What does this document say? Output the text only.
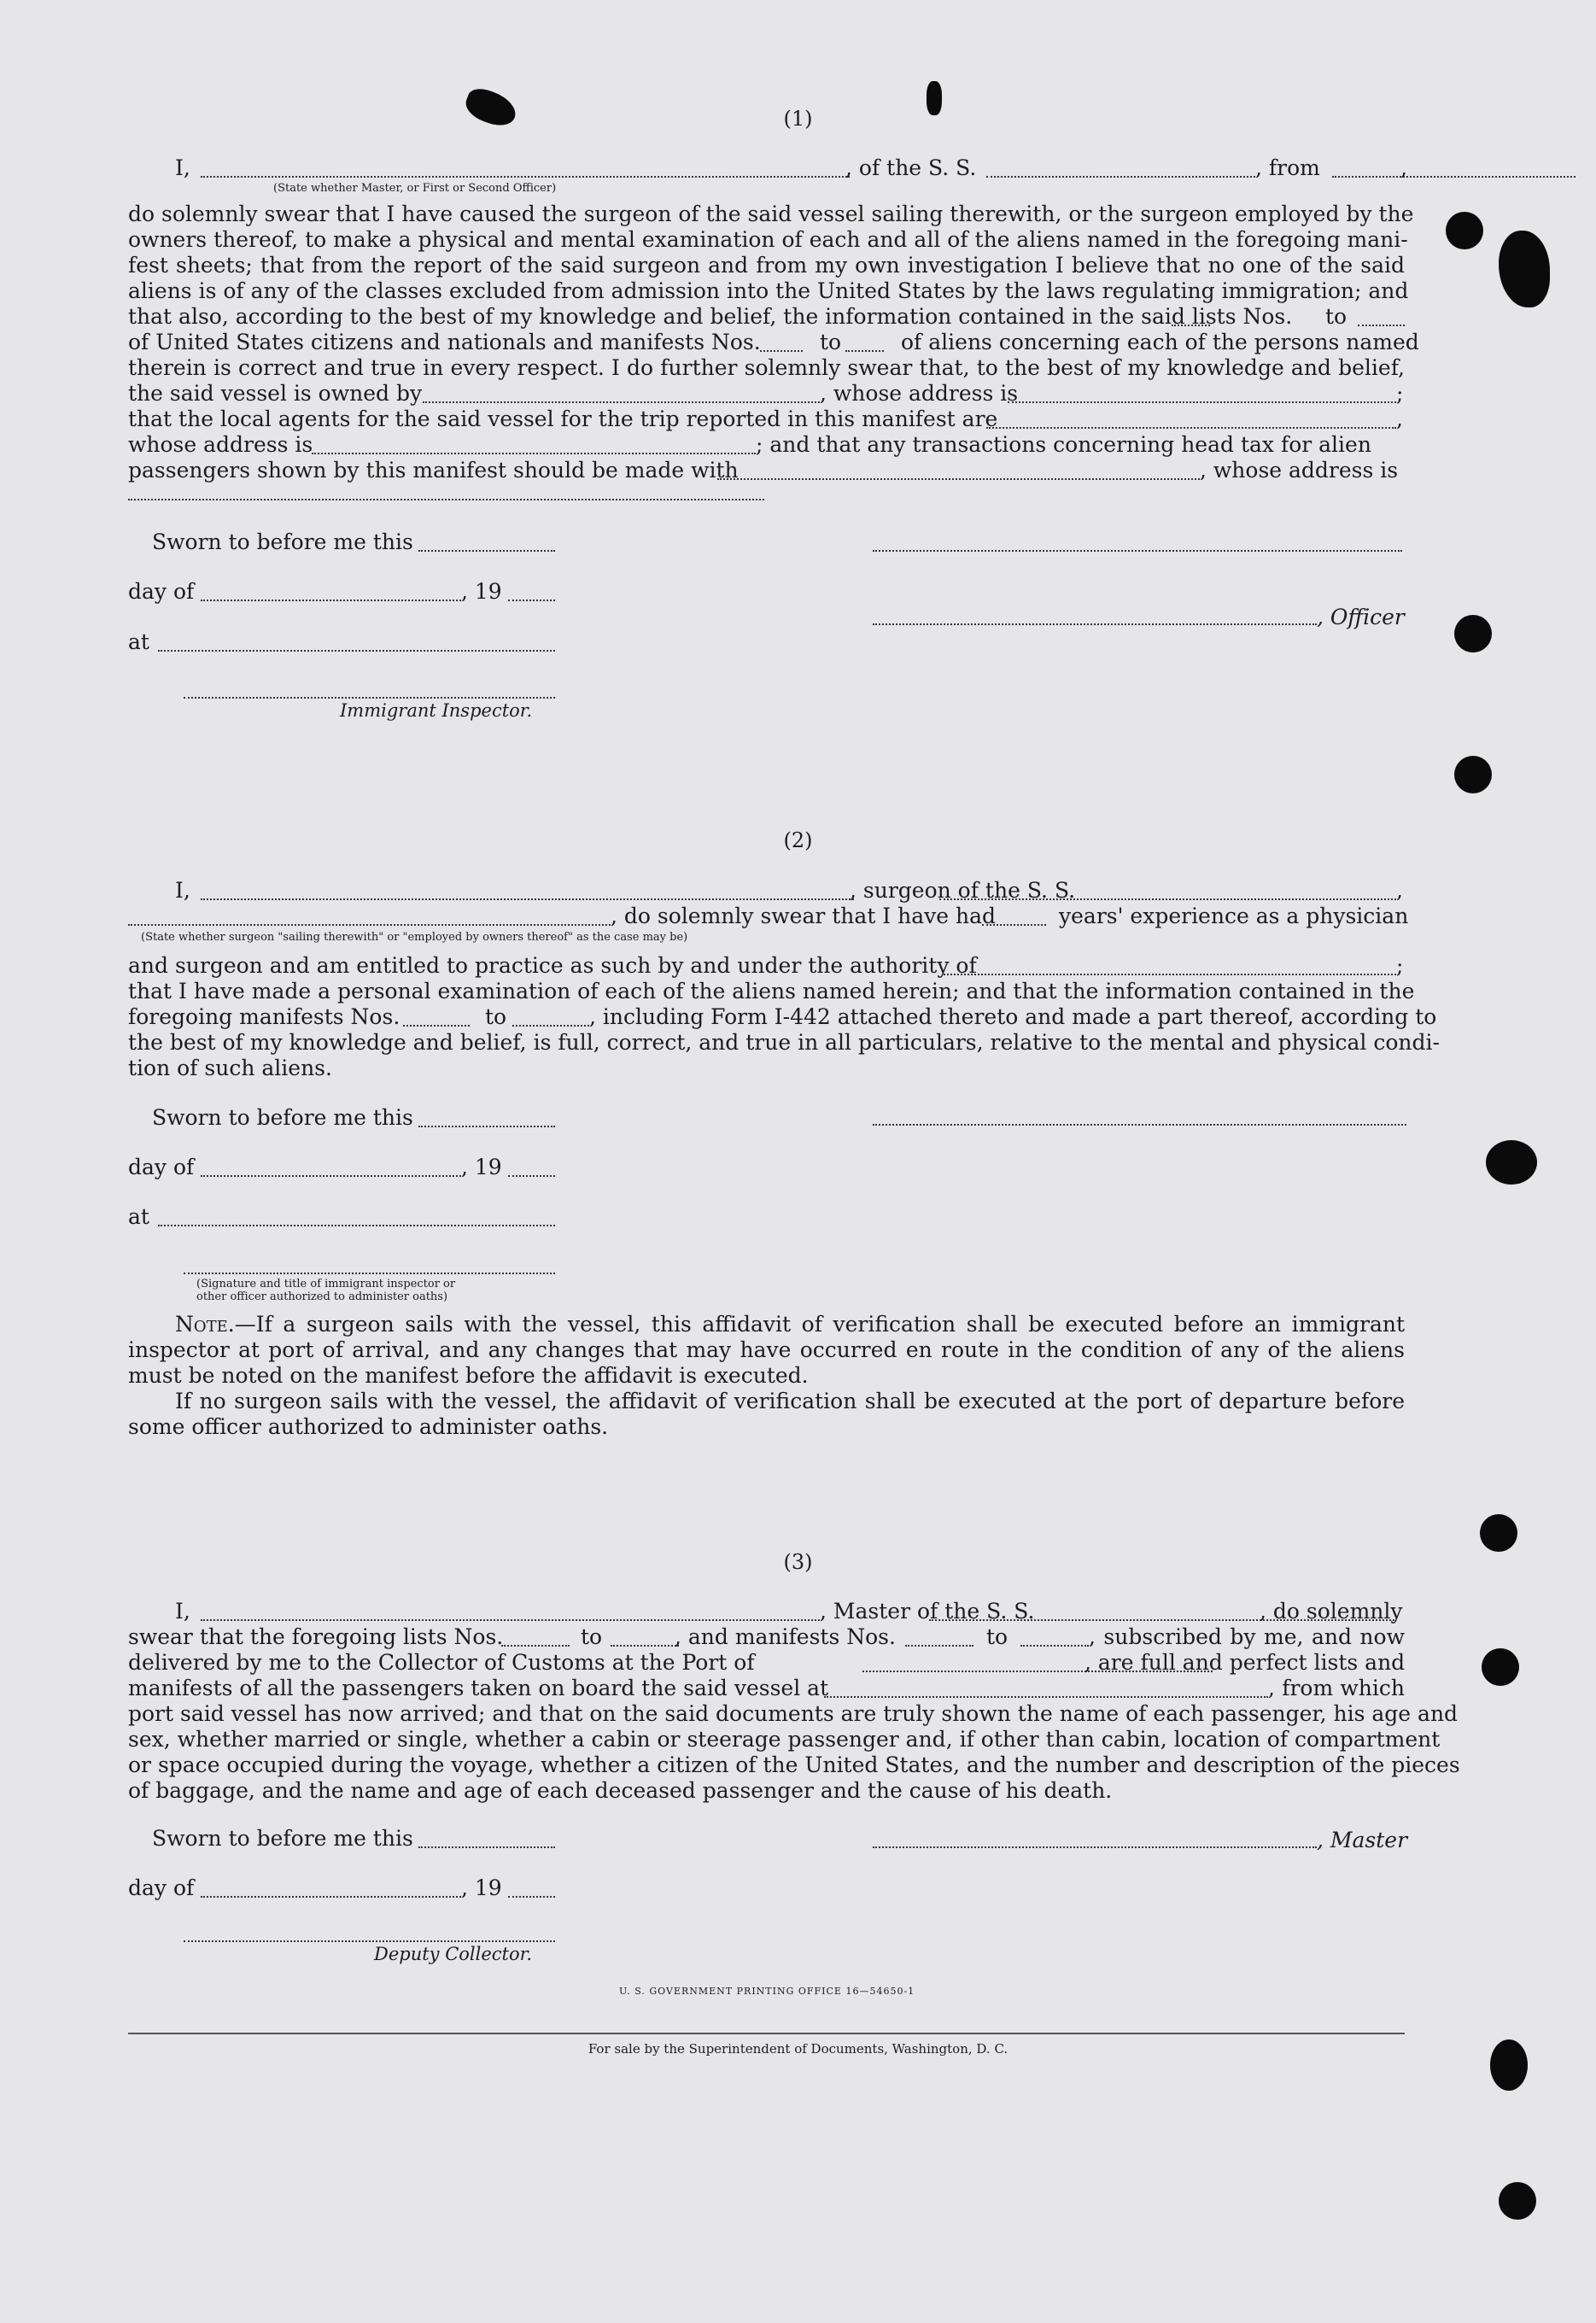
(1)
I,	, of the S. S.	, from	,
(State whether Master, or First or Second Officer)
do solemnly swear that I have caused the surgeon of the said vessel sailing therewith, or the surgeon employed by the
owners thereof, to make a physical and mental examination of each and all of the aliens named in the foregoing mani-
fest sheets; that from the report of the said surgeon and from my own investigation I believe that no one of the said
aliens is of any of the classes excluded from admission into the United States by the laws regulating immigration; and
that also, according to the best of my knowledge and belief, the information contained in the said lists Nos. to
of United States citizens and nationals and manifests Nos.	to	of aliens concerning each of the persons named
therein is correct and true in every respect. I do further solemnly swear that, to the best of my knowledge and belief,
the said vessel is owned by	, whose address is	;
that the local agents for the said vessel for the trip reported in this manifest are	,
whose address is	; and that any transactions concerning head tax for alien
passengers shown by this manifest should be made with	, whose address is
Sworn to before me this
day of	, 19
, Officer
at
Immigrant Inspector.
(2)
I,	, surgeon of the S. S.	,
, do solemnly swear that I have had	years' experience as a physician
(State whether surgeon "sailing therewith" or "employed by owners thereof" as the case may be)
and surgeon and am entitled to practice as such by and under the authority of	;
that I have made a personal examination of each of the aliens named herein; and that the information contained in the
foregoing manifests Nos.	to	, including Form I-442 attached thereto and made a part thereof, according to
the best of my knowledge and belief, is full, correct, and true in all particulars, relative to the mental and physical condi-
tion of such aliens.
Sworn to before me this
day of	, 19
at
(Signature and title of immigrant inspector or
other officer authorized to administer oaths)
Note.—If a surgeon sails with the vessel, this affidavit of verification shall be executed before an immigrant inspector at port of arrival, and any changes that may have occurred en route in the condition of any of the aliens must be noted on the manifest before the affidavit is executed.
If no surgeon sails with the vessel, the affidavit of verification shall be executed at the port of departure before some officer authorized to administer oaths.
(3)
I,	, Master of the S. S.	, do solemnly
swear that the foregoing lists Nos.	to	, and manifests Nos.	to	, subscribed by me, and now
delivered by me to the Collector of Customs at the Port of	, are full and perfect lists and
manifests of all the passengers taken on board the said vessel at	, from which
port said vessel has now arrived; and that on the said documents are truly shown the name of each passenger, his age and
sex, whether married or single, whether a cabin or steerage passenger and, if other than cabin, location of compartment
or space occupied during the voyage, whether a citizen of the United States, and the number and description of the pieces
of baggage, and the name and age of each deceased passenger and the cause of his death.
Sworn to before me this	, Master
day of	, 19
Deputy Collector.
U. S. GOVERNMENT PRINTING OFFICE 16—54650-1
For sale by the Superintendent of Documents, Washington, D. C.
